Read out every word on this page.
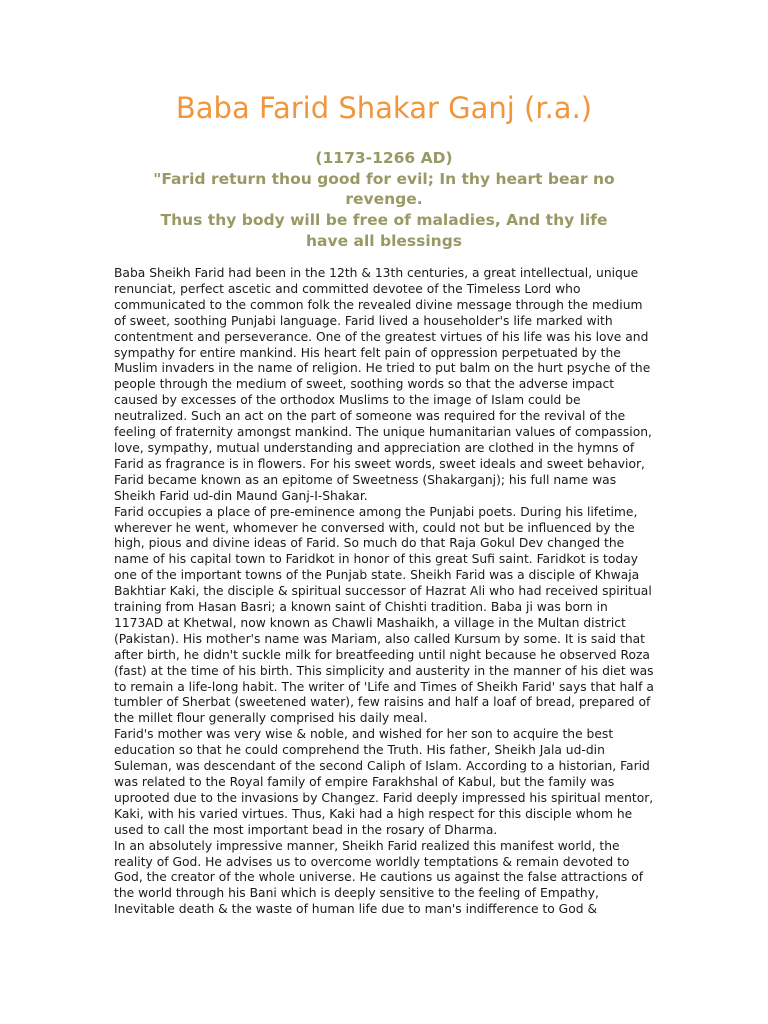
Baba Farid Shakar Ganj (r.a.)
(1173-1266 AD)
"Farid return thou good for evil; In thy heart bear no revenge.
Thus thy body will be free of maladies, And thy life have all blessings

Baba Sheikh Farid had been in the 12th & 13th centuries, a great intellectual, unique renunciat, perfect ascetic and committed devotee of the Timeless Lord who communicated to the common folk the revealed divine message through the medium of sweet, soothing Punjabi language. Farid lived a householder's life marked with contentment and perseverance. One of the greatest virtues of his life was his love and sympathy for entire mankind. His heart felt pain of oppression perpetuated by the Muslim invaders in the name of religion. He tried to put balm on the hurt psyche of the people through the medium of sweet, soothing words so that the adverse impact caused by excesses of the orthodox Muslims to the image of Islam could be neutralized. Such an act on the part of someone was required for the revival of the feeling of fraternity amongst mankind. The unique humanitarian values of compassion, love, sympathy, mutual understanding and appreciation are clothed in the hymns of Farid as fragrance is in flowers. For his sweet words, sweet ideals and sweet behavior, Farid became known as an epitome of Sweetness (Shakarganj); his full name was Sheikh Farid ud-din Maund Ganj-I-Shakar.

Farid occupies a place of pre-eminence among the Punjabi poets. During his lifetime, wherever he went, whomever he conversed with, could not but be influenced by the high, pious and divine ideas of Farid. So much do that Raja Gokul Dev changed the name of his capital town to Faridkot in honor of this great Sufi saint. Faridkot is today one of the important towns of the Punjab state. Sheikh Farid was a disciple of Khwaja Bakhtiar Kaki, the disciple & spiritual successor of Hazrat Ali who had received spiritual training from Hasan Basri; a known saint of Chishti tradition. Baba ji was born in 1173AD at Khetwal, now known as Chawli Mashaikh, a village in the Multan district (Pakistan). His mother's name was Mariam, also called Kursum by some. It is said that after birth, he didn't suckle milk for breatfeeding until night because he observed Roza (fast) at the time of his birth. This simplicity and austerity in the manner of his diet was to remain a life-long habit. The writer of 'Life and Times of Sheikh Farid' says that half a tumbler of Sherbat (sweetened water), few raisins and half a loaf of bread, prepared of the millet flour generally comprised his daily meal.

Farid's mother was very wise & noble, and wished for her son to acquire the best education so that he could comprehend the Truth. His father, Sheikh Jala ud-din Suleman, was descendant of the second Caliph of Islam. According to a historian, Farid was related to the Royal family of empire Farakhshal of Kabul, but the family was uprooted due to the invasions by Changez. Farid deeply impressed his spiritual mentor, Kaki, with his varied virtues. Thus, Kaki had a high respect for this disciple whom he used to call the most important bead in the rosary of Dharma.

In an absolutely impressive manner, Sheikh Farid realized this manifest world, the reality of God. He advises us to overcome worldly temptations & remain devoted to God, the creator of the whole universe. He cautions us against the false attractions of the world through his Bani which is deeply sensitive to the feeling of Empathy, Inevitable death & the waste of human life due to man's indifference to God &
